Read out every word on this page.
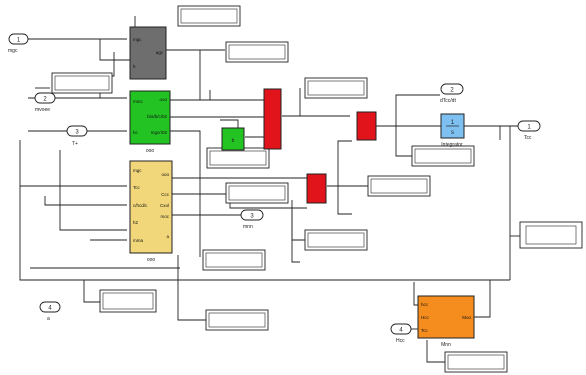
1
mgc
2
mvoee
3
T+
4
a
4
Hcc
1
Tcc
2
dTcc/dt
3
mnn
mgc
b
agc
mmc
hc
ooo
b/a/b/c/02
mgcr/02
ooo
mgc
Tcc
c/hcd/c
h2
mma
ooo
Ccc
Cxol
moc
a
ooo
b
1
s
Integrator
hcc
Hcc
Tcc
Moo
Mnn
